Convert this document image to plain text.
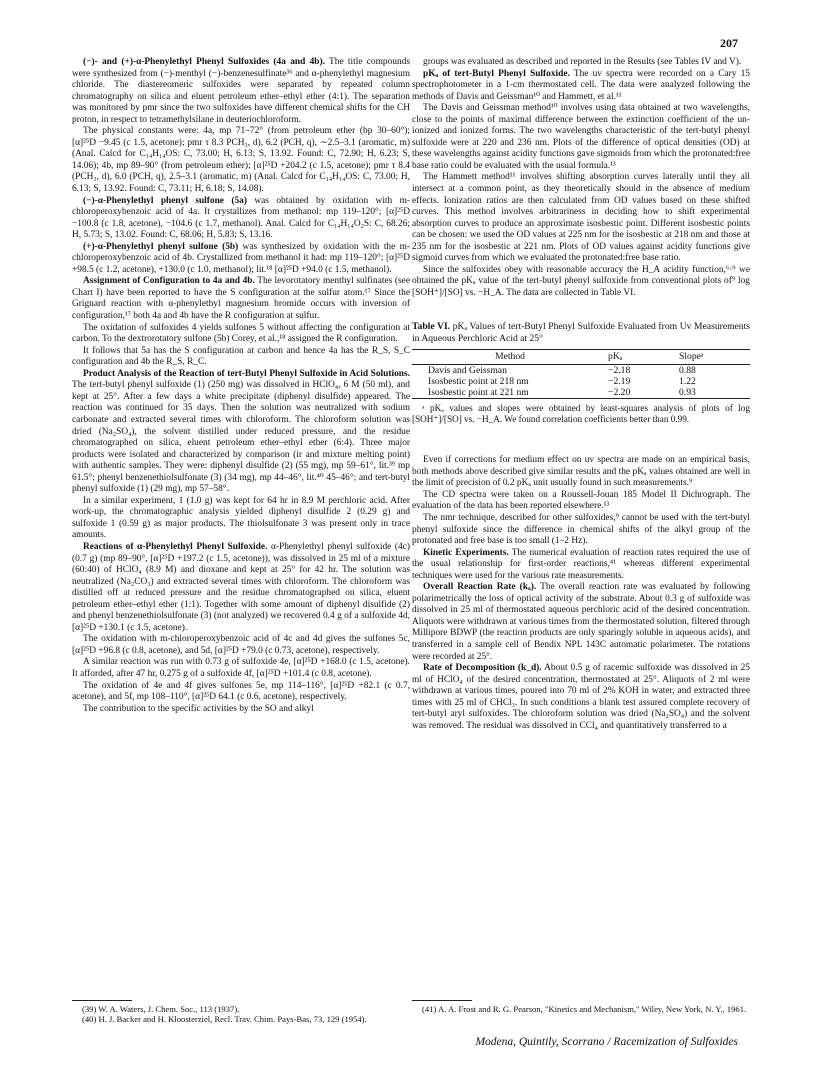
207

(−)- and (+)-α-Phenylethyl Phenyl Sulfoxides (4a and 4b). The title compounds were synthesized from (−)-menthyl (−)-benzenesulfinate³⁶ and α-phenylethyl magnesium chloride. The diastereomeric sulfoxides were separated by repeated column chromatography on silica and eluent petroleum ether–ethyl ether (4:1). The separation was monitored by pmr since the two sulfoxides have different chemical shifts for the CH proton, in respect to tetramethylsilane in deuteriochloroform.

The physical constants were: 4a, mp 71–72° (from petroleum ether (bp 30–60°); [α]²⁵D −9.45 (c 1.5, acetone); pmr τ 8.3 PCH₃, d), 6.2 (PCH, q), ∼2.5–3.1 (aromatic, m) (Anal. Calcd for C₁₄H₁₄OS: C, 73.00; H, 6.13; S, 13.92. Found: C, 72.90; H, 6.23; S, 14.06); 4b, mp 89–90° (from petroleum ether); [α]²⁵D +204.2 (c 1.5, acetone); pmr τ 8.4 (PCH₃, d), 6.0 (PCH, q), 2.5–3.1 (aromatic, m) (Anal. Calcd for C₁₄H₁₄OS: C, 73.00; H, 6.13; S, 13.92. Found: C, 73.11; H, 6.18; S, 14.08).

(−)-α-Phenylethyl phenyl sulfone (5a) was obtained by oxidation with m-chloroperoxybenzoic acid of 4a. It crystallizes from methanol: mp 119–120°; [α]²⁵D −100.8 (c 1.8, acetone), −104.6 (c 1.7, methanol). Anal. Calcd for C₁₄H₁₄O₂S: C, 68.26; H, 5.73; S, 13.02. Found: C, 68.06; H, 5.83; S, 13.16.

(+)-α-Phenylethyl phenyl sulfone (5b) was synthesized by oxidation with the m-chloroperoxybenzoic acid of 4b. Crystallized from methanol it had: mp 119–120°; [α]²⁵D +98.5 (c 1.2, acetone), +130.0 (c 1.0, methanol); lit.¹⁸ [α]²⁵D +94.0 (c 1.5, methanol).

Assignment of Configuration to 4a and 4b. The levorotatory menthyl sulfinates (see Chart I) have been reported to have the S configuration at the sulfur atom.¹⁷ Since the Grignard reaction with α-phenylethyl magnesium bromide occurs with inversion of configuration,¹⁷ both 4a and 4b have the R configuration at sulfur.

The oxidation of sulfoxides 4 yields sulfones 5 without affecting the configuration at carbon. To the dextrorotatory sulfone (5b) Corey, et al.,¹⁸ assigned the R configuration.

It follows that 5a has the S configuration at carbon and hence 4a has the R_S, S_C configuration and 4b the R_S, R_C.

Product Analysis of the Reaction of tert-Butyl Phenyl Sulfoxide in Acid Solutions. The tert-butyl phenyl sulfoxide (1) (250 mg) was dissolved in HClO₄, 6 M (50 ml), and kept at 25°. After a few days a white precipitate (diphenyl disulfide) appeared. The reaction was continued for 35 days. Then the solution was neutralized with sodium carbonate and extracted several times with chloroform. The chloroform solution was dried (Na₂SO₄), the solvent distilled under reduced pressure, and the residue chromatographed on silica, eluent petroleum ether–ethyl ether (6:4). Three major products were isolated and characterized by comparison (ir and mixture melting point) with authentic samples. They were: diphenyl disulfide (2) (55 mg), mp 59–61°, lit.³⁹ mp 61.5°; phenyl benzenethiolsulfonate (3) (34 mg), mp 44–46°, lit.⁴⁰ 45–46°; and tert-butyl phenyl sulfoxide (1) (29 mg), mp 57–58°.

In a similar experiment, 1 (1.0 g) was kept for 64 hr in 8.9 M perchloric acid. After work-up, the chromatographic analysis yielded diphenyl disulfide 2 (0.29 g) and sulfoxide 1 (0.59 g) as major products. The thiolsulfonate 3 was present only in trace amounts.

Reactions of α-Phenylethyl Phenyl Sulfoxide. α-Phenylethyl phenyl sulfoxide (4c) (0.7 g) (mp 89–90°, [α]²⁵D +197.2 (c 1.5, acetone)), was dissolved in 25 ml of a mixture (60:40) of HClO₄ (8.9 M) and dioxane and kept at 25° for 42 hr. The solution was neutralized (Na₂CO₃) and extracted several times with chloroform. The chloroform was distilled off at reduced pressure and the residue chromatographed on silica, eluent petroleum ether–ethyl ether (1:1). Together with some amount of diphenyl disulfide (2) and phenyl benzenethiolsulfonate (3) (not analyzed) we recovered 0.4 g of a sulfoxide 4d, [α]²⁵D +130.1 (c 1.5, acetone).

The oxidation with m-chloroperoxybenzoic acid of 4c and 4d gives the sulfones 5c, [α]²⁵D +96.8 (c 0.8, acetone), and 5d, [α]²⁵D +79.0 (c 0.73, acetone), respectively.

A similar reaction was run with 0.73 g of sulfoxide 4e, [α]²⁵D +168.0 (c 1.5, acetone). It afforded, after 47 hr, 0.275 g of a sulfoxide 4f, [α]²⁵D +101.4 (c 0.8, acetone).

The oxidation of 4e and 4f gives sulfones 5e, mp 114–116°, [α]²⁵D +82.1 (c 0.7, acetone), and 5f, mp 108–110°, [α]²⁵D 64.1 (c 0.6, acetone), respectively.

The contribution to the specific activities by the SO and alkyl

groups was evaluated as described and reported in the Results (see Tables IV and V).

pKₐ of tert-Butyl Phenyl Sulfoxide. The uv spectra were recorded on a Cary 15 spectrophotometer in a 1-cm thermostated cell. The data were analyzed following the methods of Davis and Geissman¹⁰ and Hammett, et al.¹¹

The Davis and Geissman method¹⁰ involves using data obtained at two wavelengths, close to the points of maximal difference between the extinction coefficient of the un-ionized and ionized forms. The two wavelengths characteristic of the tert-butyl phenyl sulfoxide were at 220 and 236 nm. Plots of the difference of optical densities (OD) at these wavelengths against acidity functions gave sigmoids from which the protonated:free base ratio could be evaluated with the usual formula.¹³

The Hammett method¹¹ involves shifting absorption curves laterally until they all intersect at a common point, as they theoretically should in the absence of medium effects. Ionization ratios are then calculated from OD values based on these shifted curves. This method involves arbitrariness in deciding how to shift experimental absorption curves to produce an approximate isosbestic point. Different isosbestic points can be chosen: we used the OD values at 225 nm for the isosbestic at 218 nm and those at 235 nm for the isosbestic at 221 nm. Plots of OD values against acidity functions give sigmoid curves from which we evaluated the protonated:free base ratio.

Since the sulfoxides obey with reasonable accuracy the H_A acidity function,⁶·⁹ we obtained the pKₐ value of the tert-butyl phenyl sulfoxide from conventional plots of⁹ log [SOH⁺]/[SO] vs. −H_A. The data are collected in Table VI.

Table VI. pKₐ Values of tert-Butyl Phenyl Sulfoxide Evaluated from Uv Measurements in Aqueous Perchloric Acid at 25°
Method	pKₐ	Slopeᵃ
Davis and Geissman	−2.18	0.88
Isosbestic point at 218 nm	−2.19	1.22
Isosbestic point at 221 nm	−2.20	0.93
ᵃ pKₐ values and slopes were obtained by least-squares analysis of plots of log [SOH⁺]/[SO] vs. −H_A. We found correlation coefficients better than 0.99.

Even if corrections for medium effect on uv spectra are made on an empirical basis, both methods above described give similar results and the pKₐ values obtained are well in the limit of precision of 0.2 pKₐ unit usually found in such measurements.⁹

The CD spectra were taken on a Roussell-Jouan 185 Model II Dichrograph. The evaluation of the data has been reported elsewhere.¹³

The nmr technique, described for other sulfoxides,⁹ cannot be used with the tert-butyl phenyl sulfoxide since the difference in chemical shifts of the alkyl group of the protonated and free base is too small (1–2 Hz).

Kinetic Experiments. The numerical evaluation of reaction rates required the use of the usual relationship for first-order reactions,⁴¹ whereas different experimental techniques were used for the various rate measurements.

Overall Reaction Rate (kₐ). The overall reaction rate was evaluated by following polarimetrically the loss of optical activity of the substrate. About 0.3 g of sulfoxide was dissolved in 25 ml of thermostated aqueous perchloric acid of the desired concentration. Aliquots were withdrawn at various times from the thermostated solution, filtered through Millipore BDWP (the reaction products are only sparingly soluble in aqueous acids), and transferred in a sample cell of Bendix NPL 143C automatic polarimeter. The rotations were recorded at 25°.

Rate of Decomposition (k_d). About 0.5 g of racemic sulfoxide was dissolved in 25 ml of HClO₄ of the desired concentration, thermostated at 25°. Aliquots of 2 ml were withdrawn at various times, poured into 70 ml of 2% KOH in water, and extracted three times with 25 ml of CHCl₃. In such conditions a blank test assured complete recovery of tert-butyl aryl sulfoxides. The chloroform solution was dried (Na₂SO₄) and the solvent was removed. The residual was dissolved in CCl₄ and quantitatively transferred to a

(39) W. A. Waters, J. Chem. Soc., 113 (1937).

(40) H. J. Backer and H. Kloosterziel, Recl. Trav. Chim. Pays-Bas, 73, 129 (1954).

(41) A. A. Frost and R. G. Pearson, "Kinetics and Mechanism," Wiley, New York, N. Y., 1961.

Modena, Quintily, Scorrano / Racemization of Sulfoxides
